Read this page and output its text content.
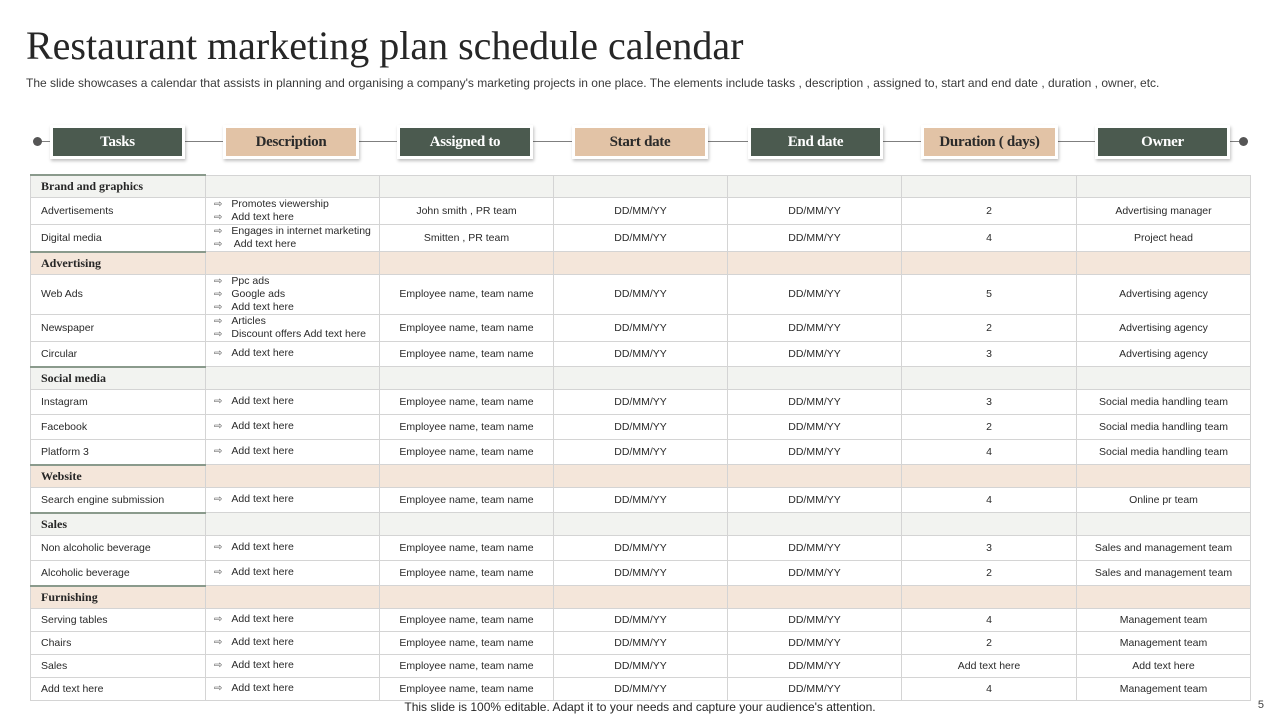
Restaurant marketing plan schedule calendar
The slide showcases a calendar that assists in planning and organising a company's marketing projects in one place. The elements include tasks , description , assigned to, start and end date , duration , owner, etc.
Tasks	Description	Assigned to	Start date	End date	Duration ( days)	Owner
Brand and graphics						
Advertisements	⇨ Promotes viewership
⇨ Add text here	John smith , PR team	DD/MM/YY	DD/MM/YY	2	Advertising manager
Digital media	⇨ Engages in internet marketing
⇨ Add text here	Smitten , PR team	DD/MM/YY	DD/MM/YY	4	Project head
Advertising						
Web Ads	⇨ Ppc ads
⇨ Google ads
⇨ Add text here	Employee name, team name	DD/MM/YY	DD/MM/YY	5	Advertising agency
Newspaper	⇨ Articles
⇨ Discount offers Add text here	Employee name, team name	DD/MM/YY	DD/MM/YY	2	Advertising agency
Circular	⇨ Add text here	Employee name, team name	DD/MM/YY	DD/MM/YY	3	Advertising agency
Social media						
Instagram	⇨ Add text here	Employee name, team name	DD/MM/YY	DD/MM/YY	3	Social media handling team
Facebook	⇨ Add text here	Employee name, team name	DD/MM/YY	DD/MM/YY	2	Social media handling team
Platform 3	⇨ Add text here	Employee name, team name	DD/MM/YY	DD/MM/YY	4	Social media handling team
Website						
Search engine submission	⇨ Add text here	Employee name, team name	DD/MM/YY	DD/MM/YY	4	Online pr team
Sales						
Non alcoholic beverage	⇨ Add text here	Employee name, team name	DD/MM/YY	DD/MM/YY	3	Sales and management team
Alcoholic beverage	⇨ Add text here	Employee name, team name	DD/MM/YY	DD/MM/YY	2	Sales and management team
Furnishing						
Serving tables	⇨ Add text here	Employee name, team name	DD/MM/YY	DD/MM/YY	4	Management team
Chairs	⇨ Add text here	Employee name, team name	DD/MM/YY	DD/MM/YY	2	Management team
Sales	⇨ Add text here	Employee name, team name	DD/MM/YY	DD/MM/YY	Add text here	Add text here
Add text here	⇨ Add text here	Employee name, team name	DD/MM/YY	DD/MM/YY	4	Management team
This slide is 100% editable. Adapt it to your needs and capture your audience's attention.	5
